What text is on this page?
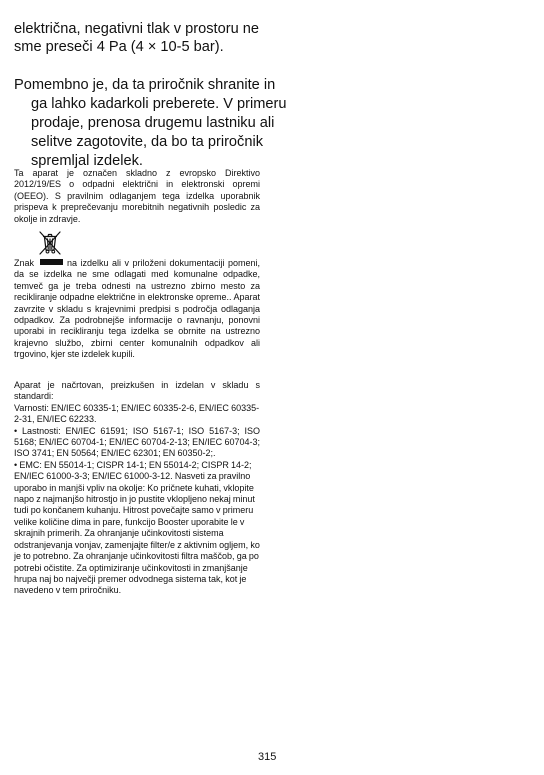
električna, negativni tlak v prostoru ne sme preseči 4 Pa (4 × 10-5 bar).

Pomembno je, da ta priročnik shranite in ga lahko kadarkoli preberete. V primeru prodaje, prenosa drugemu lastniku ali selitve zagotovite, da bo ta priročnik spremljal izdelek.

Ta aparat je označen skladno z evropsko Direktivo 2012/19/ES o odpadni električni in elektronski opremi (OEEO). S pravilnim odlaganjem tega izdelka uporabnik prispeva k preprečevanju morebitnih negativnih posledic za okolje in zdravje.

Znak	na izdelku ali v priloženi dokumentaciji pomeni, da se izdelka ne sme odlagati med komunalne odpadke, temveč ga je treba odnesti na ustrezno zbirno mesto za recikliranje odpadne električne in elektronske opreme.. Aparat zavrzite v skladu s krajevnimi predpisi s področja odlaganja odpadkov. Za podrobnejše informacije o ravnanju, ponovni uporabi in recikliranju tega izdelka se obrnite na ustrezno krajevno službo, zbirni center komunalnih odpadkov ali trgovino, kjer ste izdelek kupili.

Aparat je načrtovan, preizkušen in izdelan v skladu s standardi:
Varnosti: EN/IEC 60335-1; EN/IEC 60335-2-6, EN/IEC 60335-2-31, EN/IEC 62233.
• Lastnosti: EN/IEC 61591; ISO 5167-1; ISO 5167-3; ISO 5168; EN/IEC 60704-1; EN/IEC 60704-2-13; EN/IEC 60704-3; ISO 3741; EN 50564; EN/IEC 62301; EN 60350-2;.
• EMC: EN 55014-1; CISPR 14-1; EN 55014-2; CISPR 14-2; EN/IEC 61000-3-3; EN/IEC 61000-3-12. Nasveti za pravilno uporabo in manjši vpliv na okolje: Ko pričnete kuhati, vklopite napo z najmanjšo hitrostjo in jo pustite vklopljeno nekaj minut tudi po končanem kuhanju. Hitrost povečajte samo v primeru velike količine dima in pare, funkcijo Booster uporabite le v skrajnih primerih. Za ohranjanje učinkovitosti sistema odstranjevanja vonjav, zamenjajte filter/e z aktivnim ogljem, ko je to potrebno. Za ohranjanje učinkovitosti filtra maščob, ga po potrebi očistite. Za optimiziranje učinkovitosti in zmanjšanje hrupa naj bo največji premer odvodnega sistema tak, kot je navedeno v tem priročniku.
315
